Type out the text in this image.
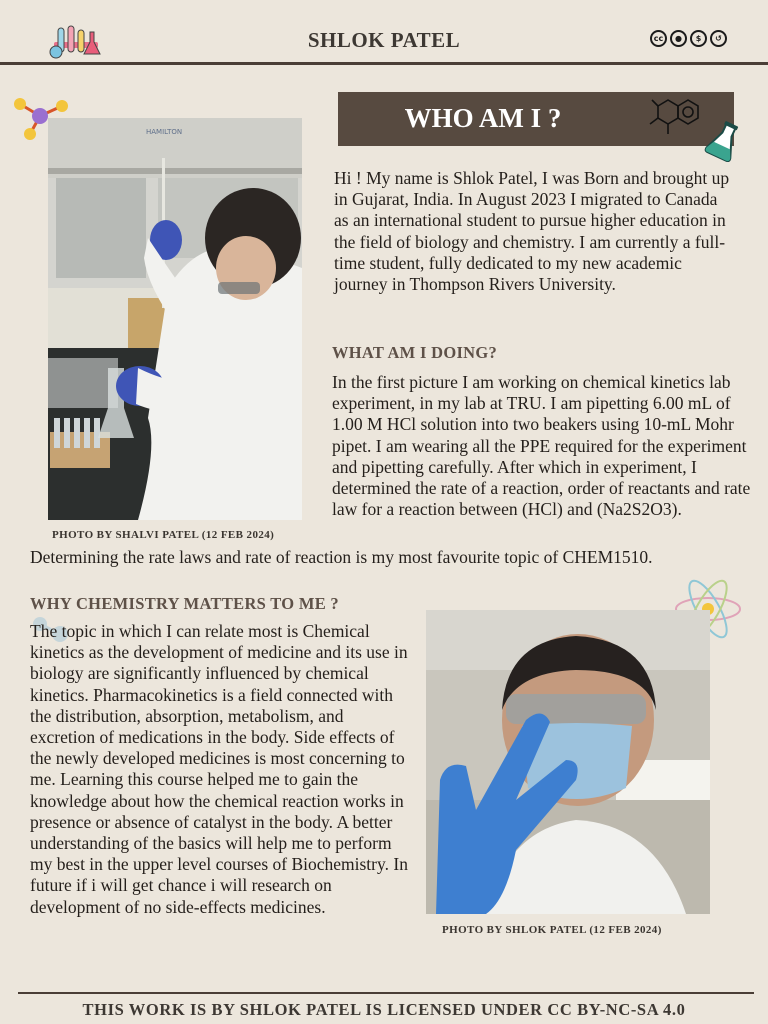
SHLOK PATEL	cc	●	$	↺
WHO AM I ?
HAMILTON
PHOTO BY SHALVI PATEL (12 FEB 2024)
Hi ! My name is Shlok Patel, I was Born and brought up in Gujarat, India. In August 2023 I migrated to Canada as an international student to pursue higher education in the field of biology and chemistry. I am currently a full-time student, fully dedicated to my new academic journey in Thompson Rivers University.
WHAT AM I DOING?
In the first picture I am working on chemical kinetics lab experiment, in my lab at TRU. I am pipetting 6.00 mL of 1.00 M HCl solution into two beakers using 10-mL Mohr pipet. I am wearing all the PPE required for the experiment and pipetting carefully. After which in experiment, I determined the rate of a reaction, order of reactants and rate law for a reaction between (HCl) and (Na2S2O3).
Determining the rate laws and rate of reaction is my most favourite topic of CHEM1510.
WHY CHEMISTRY MATTERS TO ME ?
The topic in which I can relate most is Chemical kinetics as the development of medicine and its use in biology are significantly influenced by chemical kinetics. Pharmacokinetics is a field connected with the distribution, absorption, metabolism, and excretion of medications in the body. Side effects of the newly developed medicines is most concerning to me. Learning this course helped me to gain the knowledge about how the chemical reaction works in presence or absence of catalyst in the body. A better understanding of the basics will help me to perform my best in the upper level courses of Biochemistry. In future if i will get chance i will research on development of no side-effects medicines.
PHOTO BY SHLOK PATEL (12 FEB 2024)
THIS WORK IS BY SHLOK PATEL IS LICENSED UNDER CC BY-NC-SA 4.0
